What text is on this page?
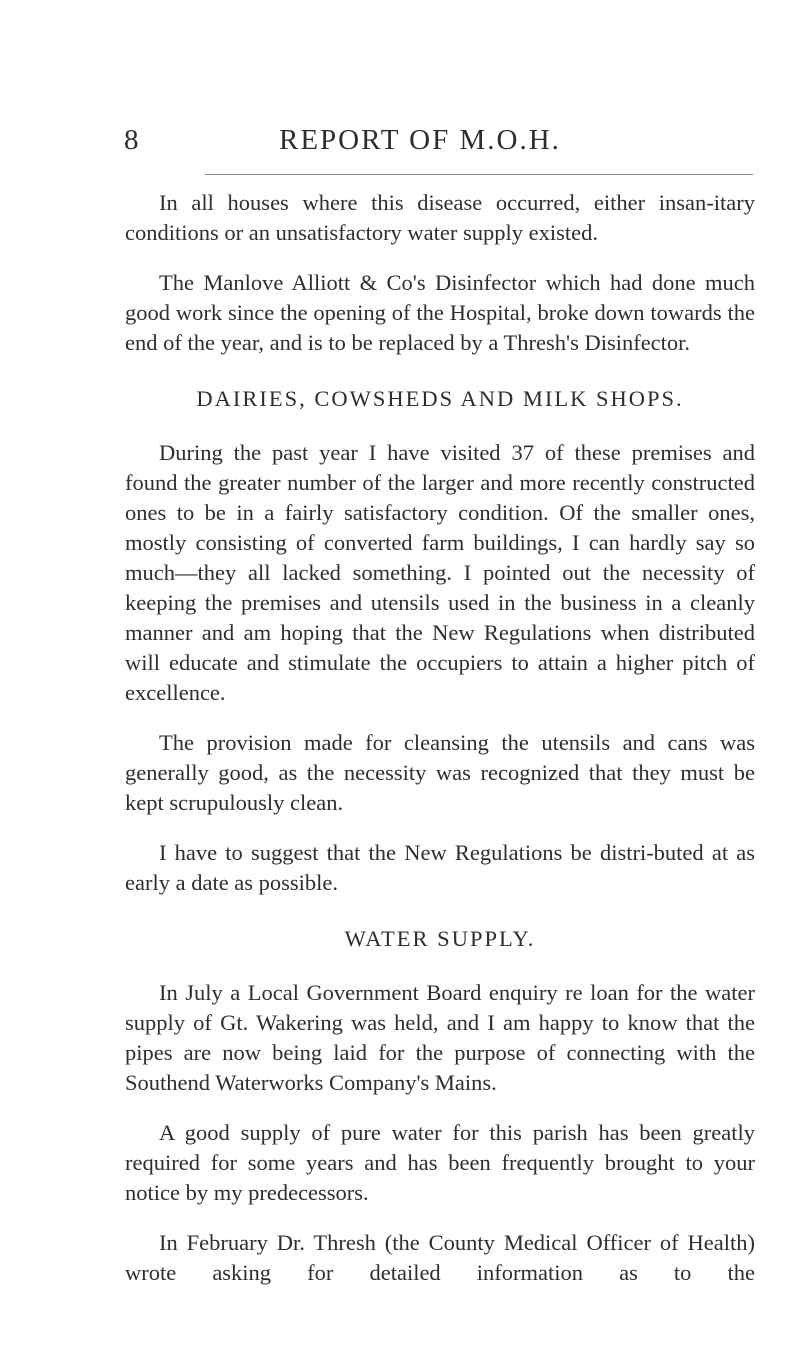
8	REPORT OF M.O.H.

In all houses where this disease occurred, either insan-itary conditions or an unsatisfactory water supply existed.

The Manlove Alliott & Co's Disinfector which had done much good work since the opening of the Hospital, broke down towards the end of the year, and is to be replaced by a Thresh's Disinfector.

DAIRIES, COWSHEDS AND MILK SHOPS.

During the past year I have visited 37 of these premises and found the greater number of the larger and more recently constructed ones to be in a fairly satisfactory condition. Of the smaller ones, mostly consisting of converted farm buildings, I can hardly say so much—they all lacked something. I pointed out the necessity of keeping the premises and utensils used in the business in a cleanly manner and am hoping that the New Regulations when distributed will educate and stimulate the occupiers to attain a higher pitch of excellence.

The provision made for cleansing the utensils and cans was generally good, as the necessity was recognized that they must be kept scrupulously clean.

I have to suggest that the New Regulations be distri-buted at as early a date as possible.

WATER SUPPLY.

In July a Local Government Board enquiry re loan for the water supply of Gt. Wakering was held, and I am happy to know that the pipes are now being laid for the purpose of connecting with the Southend Waterworks Company's Mains.

A good supply of pure water for this parish has been greatly required for some years and has been frequently brought to your notice by my predecessors.

In February Dr. Thresh (the County Medical Officer of Health) wrote asking for detailed information as to the
